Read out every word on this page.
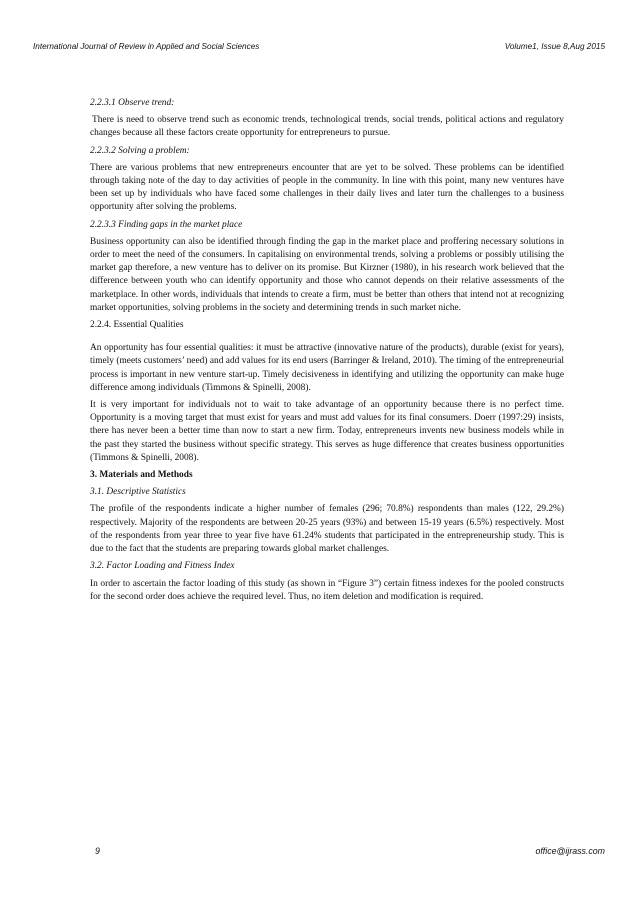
International Journal of Review in Applied and Social Sciences	Volume1, Issue 8,Aug 2015

2.2.3.1 Observe trend:

There is need to observe trend such as economic trends, technological trends, social trends, political actions and regulatory changes because all these factors create opportunity for entrepreneurs to pursue.

2.2.3.2 Solving a problem:

There are various problems that new entrepreneurs encounter that are yet to be solved. These problems can be identified through taking note of the day to day activities of people in the community. In line with this point, many new ventures have been set up by individuals who have faced some challenges in their daily lives and later turn the challenges to a business opportunity after solving the problems.

2.2.3.3 Finding gaps in the market place

Business opportunity can also be identified through finding the gap in the market place and proffering necessary solutions in order to meet the need of the consumers. In capitalising on environmental trends, solving a problems or possibly utilising the market gap therefore, a new venture has to deliver on its promise. But Kirzner (1980), in his research work believed that the difference between youth who can identify opportunity and those who cannot depends on their relative assessments of the marketplace. In other words, individuals that intends to create a firm, must be better than others that intend not at recognizing market opportunities, solving problems in the society and determining trends in such market niche.

2.2.4. Essential Qualities

An opportunity has four essential qualities: it must be attractive (innovative nature of the products), durable (exist for years), timely (meets customers’ need) and add values for its end users (Barringer & Ireland, 2010). The timing of the entrepreneurial process is important in new venture start-up. Timely decisiveness in identifying and utilizing the opportunity can make huge difference among individuals (Timmons & Spinelli, 2008).

It is very important for individuals not to wait to take advantage of an opportunity because there is no perfect time. Opportunity is a moving target that must exist for years and must add values for its final consumers. Doerr (1997:29) insists, there has never been a better time than now to start a new firm. Today, entrepreneurs invents new business models while in the past they started the business without specific strategy. This serves as huge difference that creates business opportunities (Timmons & Spinelli, 2008).

3. Materials and Methods

3.1. Descriptive Statistics

The profile of the respondents indicate a higher number of females (296; 70.8%) respondents than males (122, 29.2%) respectively. Majority of the respondents are between 20-25 years (93%) and between 15-19 years (6.5%) respectively. Most of the respondents from year three to year five have 61.24% students that participated in the entrepreneurship study. This is due to the fact that the students are preparing towards global market challenges.

3.2. Factor Loading and Fitness Index

In order to ascertain the factor loading of this study (as shown in “Figure 3”) certain fitness indexes for the pooled constructs for the second order does achieve the required level. Thus, no item deletion and modification is required.

9	office@ijrass.com
